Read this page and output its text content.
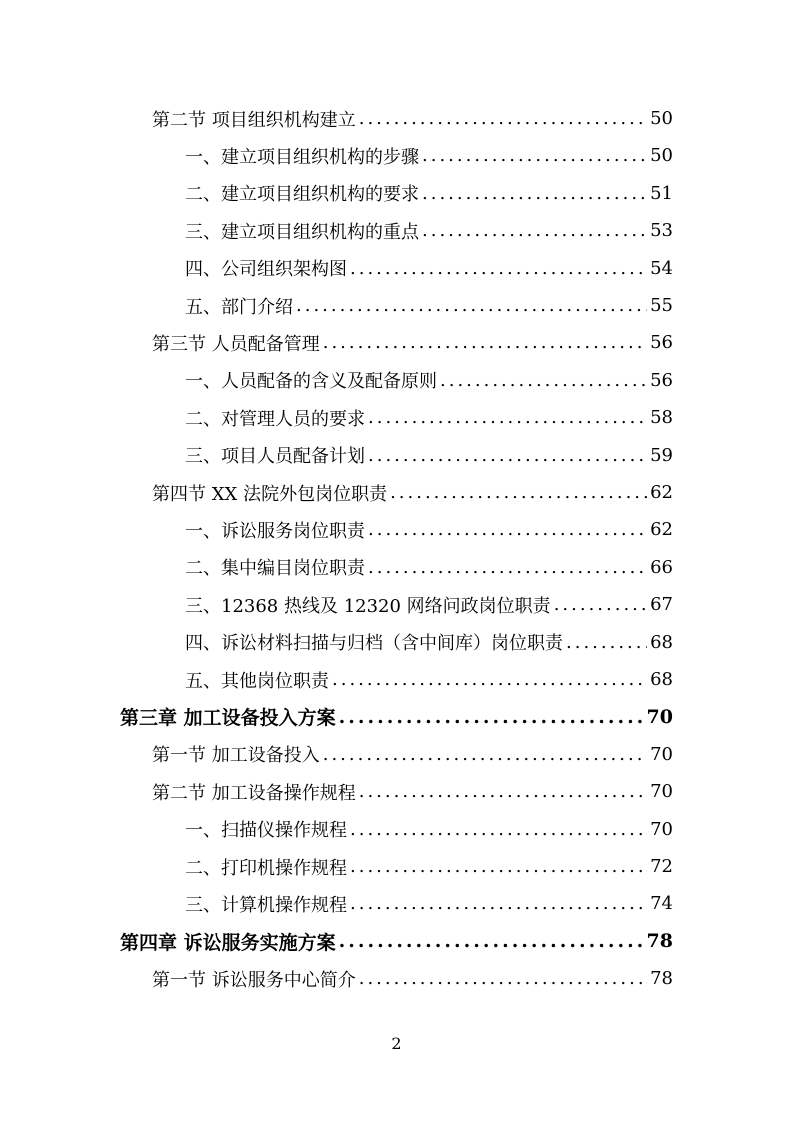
第二节 项目组织机构建立 .....	50
一、建立项目组织机构的步骤 .....	50
二、建立项目组织机构的要求 .....	51
三、建立项目组织机构的重点 .....	53
四、公司组织架构图 .....	54
五、部门介绍 .....	55
第三节 人员配备管理 .....	56
一、人员配备的含义及配备原则 .....	56
二、对管理人员的要求 .....	58
三、项目人员配备计划 .....	59
第四节 XX 法院外包岗位职责 .....	62
一、诉讼服务岗位职责 .....	62
二、集中编目岗位职责 .....	66
三、12368 热线及 12320 网络问政岗位职责 .....	67
四、诉讼材料扫描与归档（含中间库）岗位职责 .....	68
五、其他岗位职责 .....	68
第三章 加工设备投入方案 .....	70
第一节 加工设备投入 .....	70
第二节 加工设备操作规程 .....	70
一、扫描仪操作规程 .....	70
二、打印机操作规程 .....	72
三、计算机操作规程 .....	74
第四章 诉讼服务实施方案 .....	78
第一节 诉讼服务中心简介 .....	78
2
